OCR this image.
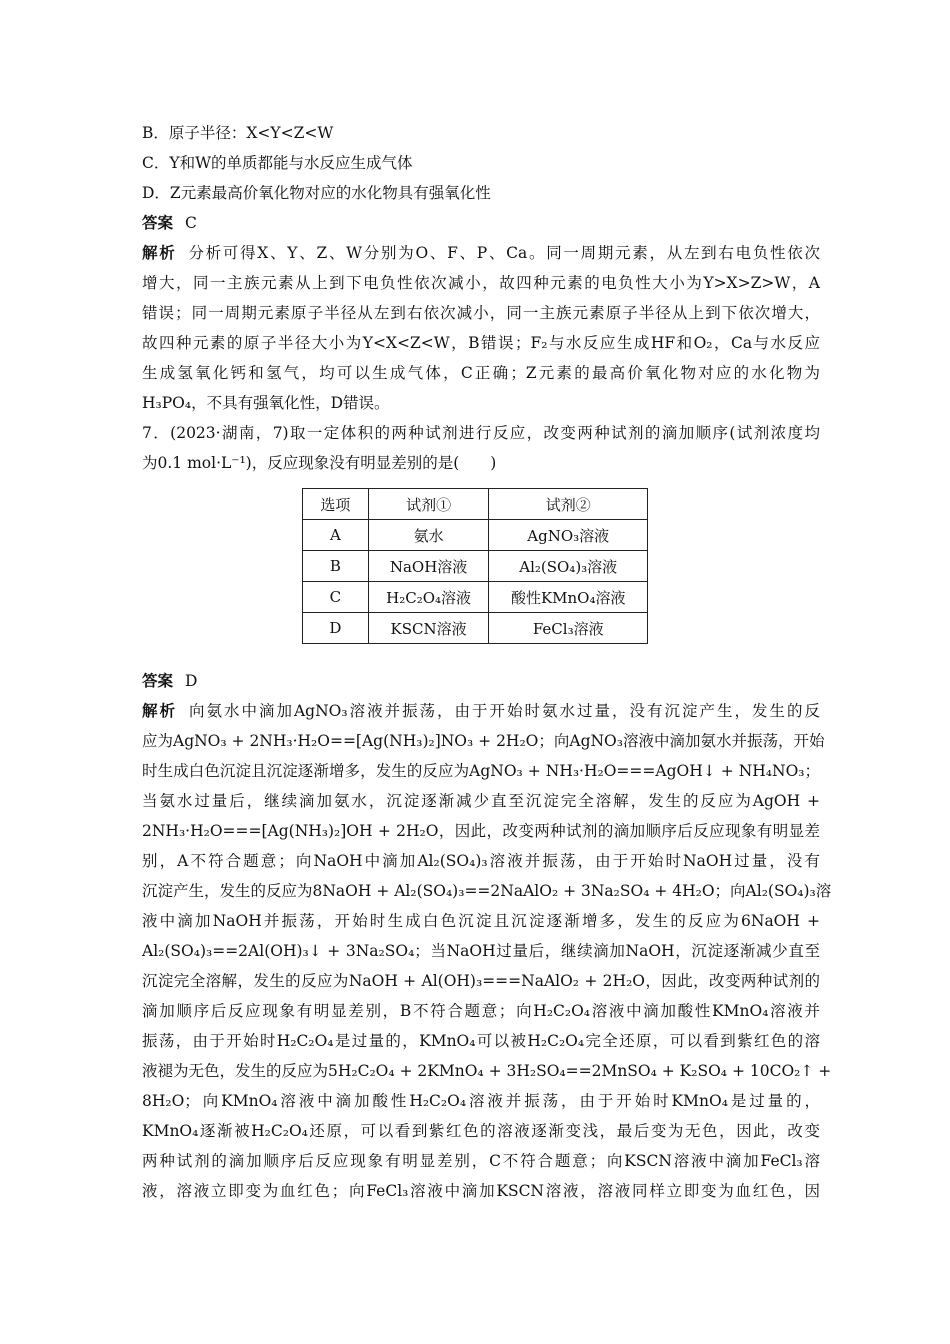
B．原子半径：X<Y<Z<W
C．Y和W的单质都能与水反应生成气体
D．Z元素最高价氧化物对应的水化物具有强氧化性
答案 C
解析 分析可得X、Y、Z、W分别为O、F、P、Ca。同一周期元素，从左到右电负性依次
增大，同一主族元素从上到下电负性依次减小，故四种元素的电负性大小为Y>X>Z>W，A
错误；同一周期元素原子半径从左到右依次减小，同一主族元素原子半径从上到下依次增大，
故四种元素的原子半径大小为Y<X<Z<W，B错误；F₂与水反应生成HF和O₂，Ca与水反应
生成氢氧化钙和氢气，均可以生成气体，C正确；Z元素的最高价氧化物对应的水化物为
H₃PO₄，不具有强氧化性，D错误。
7．(2023·湖南，7)取一定体积的两种试剂进行反应，改变两种试剂的滴加顺序(试剂浓度均
为0.1 mol·L⁻¹)，反应现象没有明显差别的是(　　)
选项	试剂①	试剂②
A	氨水	AgNO₃溶液
B	NaOH溶液	Al₂(SO₄)₃溶液
C	H₂C₂O₄溶液	酸性KMnO₄溶液
D	KSCN溶液	FeCl₃溶液
答案 D
解析 向氨水中滴加AgNO₃溶液并振荡，由于开始时氨水过量，没有沉淀产生，发生的反
应为AgNO₃ + 2NH₃·H₂O==[Ag(NH₃)₂]NO₃ + 2H₂O；向AgNO₃溶液中滴加氨水并振荡，开始
时生成白色沉淀且沉淀逐渐增多，发生的反应为AgNO₃ + NH₃·H₂O===AgOH↓ + NH₄NO₃；
当氨水过量后，继续滴加氨水，沉淀逐渐减少直至沉淀完全溶解，发生的反应为AgOH +
2NH₃·H₂O===[Ag(NH₃)₂]OH + 2H₂O，因此，改变两种试剂的滴加顺序后反应现象有明显差
别，A不符合题意；向NaOH中滴加Al₂(SO₄)₃溶液并振荡，由于开始时NaOH过量，没有
沉淀产生，发生的反应为8NaOH + Al₂(SO₄)₃==2NaAlO₂ + 3Na₂SO₄ + 4H₂O；向Al₂(SO₄)₃溶
液中滴加NaOH并振荡，开始时生成白色沉淀且沉淀逐渐增多，发生的反应为6NaOH +
Al₂(SO₄)₃==2Al(OH)₃↓ + 3Na₂SO₄；当NaOH过量后，继续滴加NaOH，沉淀逐渐减少直至
沉淀完全溶解，发生的反应为NaOH + Al(OH)₃===NaAlO₂ + 2H₂O，因此，改变两种试剂的
滴加顺序后反应现象有明显差别，B不符合题意；向H₂C₂O₄溶液中滴加酸性KMnO₄溶液并
振荡，由于开始时H₂C₂O₄是过量的，KMnO₄可以被H₂C₂O₄完全还原，可以看到紫红色的溶
液褪为无色，发生的反应为5H₂C₂O₄ + 2KMnO₄ + 3H₂SO₄==2MnSO₄ + K₂SO₄ + 10CO₂↑ +
8H₂O；向KMnO₄溶液中滴加酸性H₂C₂O₄溶液并振荡，由于开始时KMnO₄是过量的，
KMnO₄逐渐被H₂C₂O₄还原，可以看到紫红色的溶液逐渐变浅，最后变为无色，因此，改变
两种试剂的滴加顺序后反应现象有明显差别，C不符合题意；向KSCN溶液中滴加FeCl₃溶
液，溶液立即变为血红色；向FeCl₃溶液中滴加KSCN溶液，溶液同样立即变为血红色，因
